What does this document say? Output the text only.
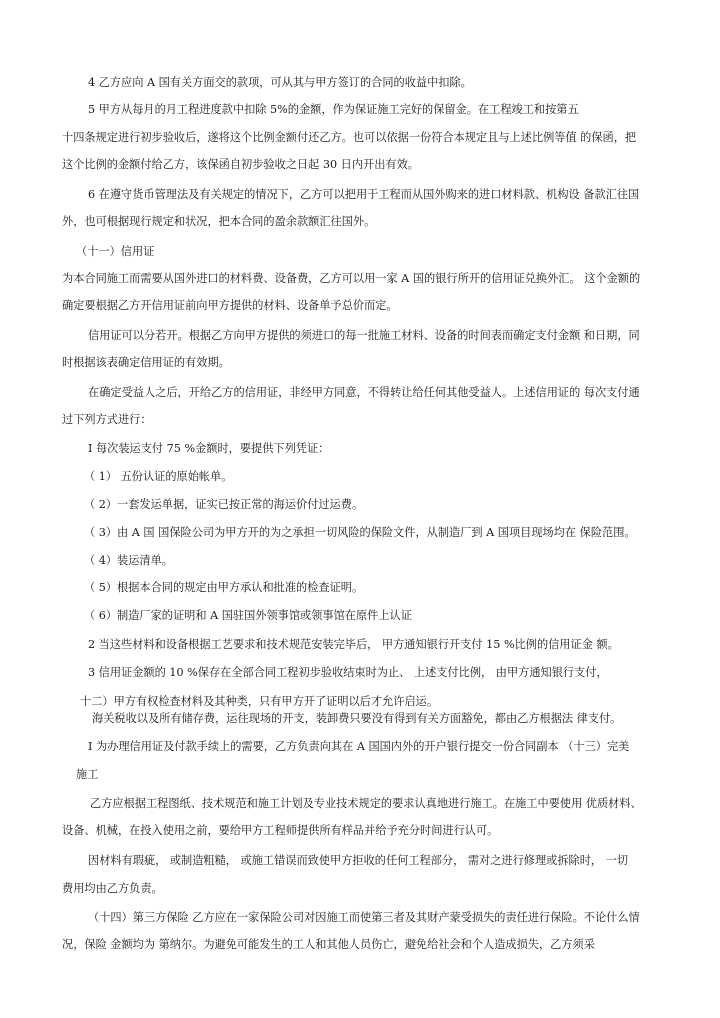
4 乙方应向 A 国有关方面交的款项，可从其与甲方签订的合同的收益中扣除。
5 甲方从每月的月工程进度款中扣除 5%的金额，作为保证施工完好的保留金。在工程竣工和按第五
十四条规定进行初步验收后，遂将这个比例金额付还乙方。也可以依据一份符合本规定且与上述比例等值 的保函，把
这个比例的金额付给乙方，该保函自初步验收之日起 30 日内开出有效。
6 在遵守货币管理法及有关规定的情况下，乙方可以把用于工程而从国外购来的进口材料款、机构设 备款汇往国
外，也可根据现行规定和状况，把本合同的盈余款额汇往国外。
（十一）信用证
为本合同施工而需要从国外进口的材料费、设备费，乙方可以用一家 A 国的银行所开的信用证兑换外汇。 这个金额的
确定要根据乙方开信用证前向甲方提供的材料、设备单予总价而定。
信用证可以分若开。根据乙方向甲方提供的须进口的每一批施工材料、设备的时间表而确定支付金额 和日期，同
时根据该表确定信用证的有效期。
在确定受益人之后，开给乙方的信用证，非经甲方同意，不得转让给任何其他受益人。上述信用证的 每次支付通
过下列方式进行：
I 每次装运支付 75 %金额时，要提供下列凭证：
（ 1） 五份认证的原始帐单。
（ 2）一套发运单据，证实已按正常的海运价付过运费。
（ 3）由 A 国 国保险公司为甲方开的为之承担一切风险的保险文件，从制造厂到 A 国项目现场均在 保险范围。
（ 4）装运清单。
（ 5）根据本合同的规定由甲方承认和批准的检查证明。
（ 6）制造厂家的证明和 A 国驻国外领事馆或领事馆在原件上认证
2 当这些材料和设备根据工艺要求和技术规范安装完毕后， 甲方通知银行开支付 15 %比例的信用证金 额。
3 信用证金额的 10 %保存在全部合同工程初步验收结束时为止、 上述支付比例， 由甲方通知银行支付，
十二）甲方有权检查材料及其种类，只有甲方开了证明以后才允许启运。
海关税收以及所有储存费，运往现场的开支，装卸费只要没有得到有关方面豁免，都由乙方根据法 律支付。
I 为办理信用证及付款手续上的需要，乙方负责向其在 A 国国内外的开户银行提交一份合同副本 （十三）完美
施工
乙方应根据工程图纸、技术规范和施工计划及专业技术规定的要求认真地进行施工。在施工中要使用 优质材料、
设备、机械，在投入使用之前，要给甲方工程师提供所有样品并给予充分时间进行认可。
因材料有瑕疵， 或制造粗糙， 或施工错误而致使甲方拒收的任何工程部分， 需对之进行修理或拆除时， 一切
费用均由乙方负责。
（十四）第三方保险 乙方应在一家保险公司对因施工而使第三者及其财产蒙受损失的责任进行保险。不论什么情
况，保险 金额均为 第纳尔。为避免可能发生的工人和其他人员伤亡，避免给社会和个人造成损失，乙方须采
